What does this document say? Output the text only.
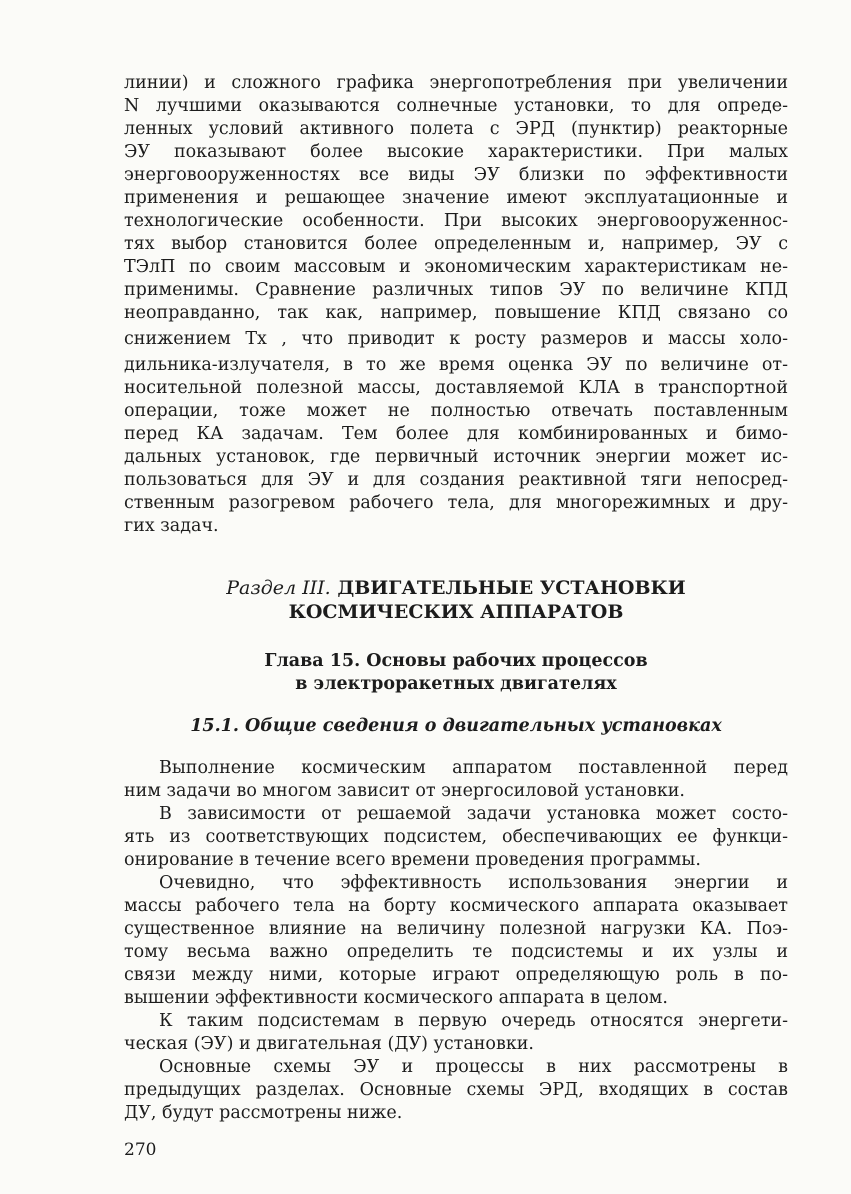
линии) и сложного графика энергопотребления при увеличении
N лучшими оказываются солнечные установки, то для опреде-
ленных условий активного полета с ЭРД (пунктир) реакторные
ЭУ показывают более высокие характеристики. При малых
энерговооруженностях все виды ЭУ близки по эффективности
применения и решающее значение имеют эксплуатационные и
технологические особенности. При высоких энерговооруженнос-
тях выбор становится более определенным и, например, ЭУ с
ТЭлП по своим массовым и экономическим характеристикам не-
применимы. Сравнение различных типов ЭУ по величине КПД
неоправданно, так как, например, повышение КПД связано со
снижением Tх , что приводит к росту размеров и массы холо-
дильника-излучателя, в то же время оценка ЭУ по величине от-
носительной полезной массы, доставляемой КЛА в транспортной
операции, тоже может не полностью отвечать поставленным
перед КА задачам. Тем более для комбинированных и бимо-
дальных установок, где первичный источник энергии может ис-
пользоваться для ЭУ и для создания реактивной тяги непосред-
ственным разогревом рабочего тела, для многорежимных и дру-
гих задач.
Раздел III. ДВИГАТЕЛЬНЫЕ УСТАНОВКИ
КОСМИЧЕСКИХ АППАРАТОВ
Глава 15. Основы рабочих процессов
в электроракетных двигателях
15.1. Общие сведения о двигательных установках
Выполнение космическим аппаратом поставленной перед
ним задачи во многом зависит от энергосиловой установки.
В зависимости от решаемой задачи установка может состо-
ять из соответствующих подсистем, обеспечивающих ее функци-
онирование в течение всего времени проведения программы.
Очевидно, что эффективность использования энергии и
массы рабочего тела на борту космического аппарата оказывает
существенное влияние на величину полезной нагрузки КА. Поэ-
тому весьма важно определить те подсистемы и их узлы и
связи между ними, которые играют определяющую роль в по-
вышении эффективности космического аппарата в целом.
К таким подсистемам в первую очередь относятся энергети-
ческая (ЭУ) и двигательная (ДУ) установки.
Основные схемы ЭУ и процессы в них рассмотрены в
предыдущих разделах. Основные схемы ЭРД, входящих в состав
ДУ, будут рассмотрены ниже.
270
